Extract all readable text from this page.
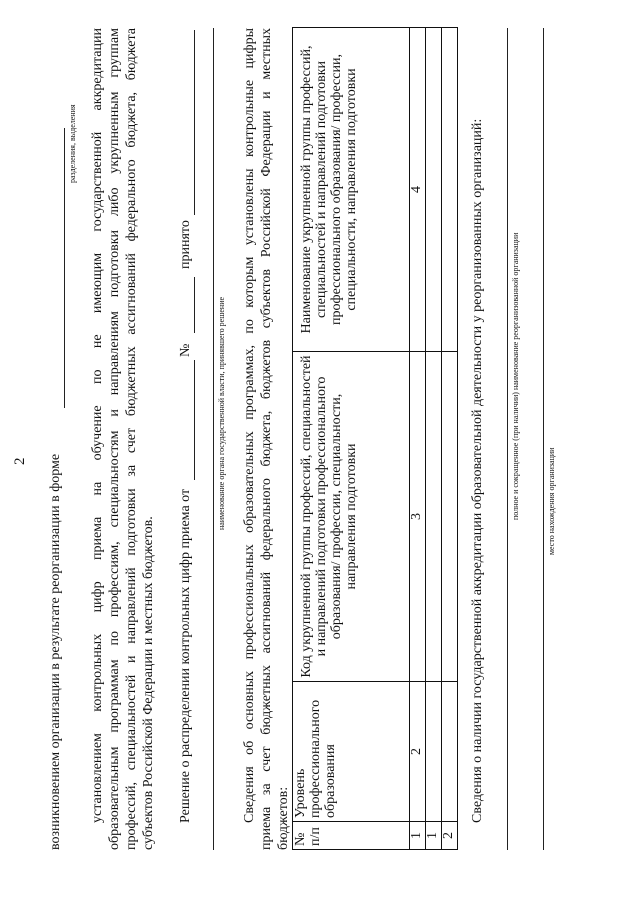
2 возникновением организации в результате реорганизации в форме
разделения, выделения установлением контрольных цифр приема на обучение по не имеющим государственной аккредитации образовательным программам по профессиям, специальностям и направлениям подготовки либо укрупненным группам профессий, специальностей и направлений подготовки за счет бюджетных ассигнований федерального бюджета, бюджета субъектов Российской Федерации и местных бюджетов. Решение о распределении контрольных цифр приема от
№
принято
наименование органа государственной власти, принявшего решение Сведения об основных профессиональных образовательных программах, по которым установлены контрольные цифры приема за счет бюджетных ассигнований федерального бюджета, бюджетов субъектов Российской Федерации и местных бюджетов: № п/п	Уровень профессионального образования	Код укрупненной группы профессий, специальностей и направлений подготовки профессионального образования/ профессии, специальности, направления подготовки	Наименование укрупненной группы профессий, специальностей и направлений подготовки профессионального образования/ профессии, специальности, направления подготовки
1	2	3	4
1			
2			
Сведения о наличии государственной аккредитации образовательной деятельности у реорганизованных организаций:	полное и сокращенное (при наличии) наименование реорганизованной организации	место нахождения организации
